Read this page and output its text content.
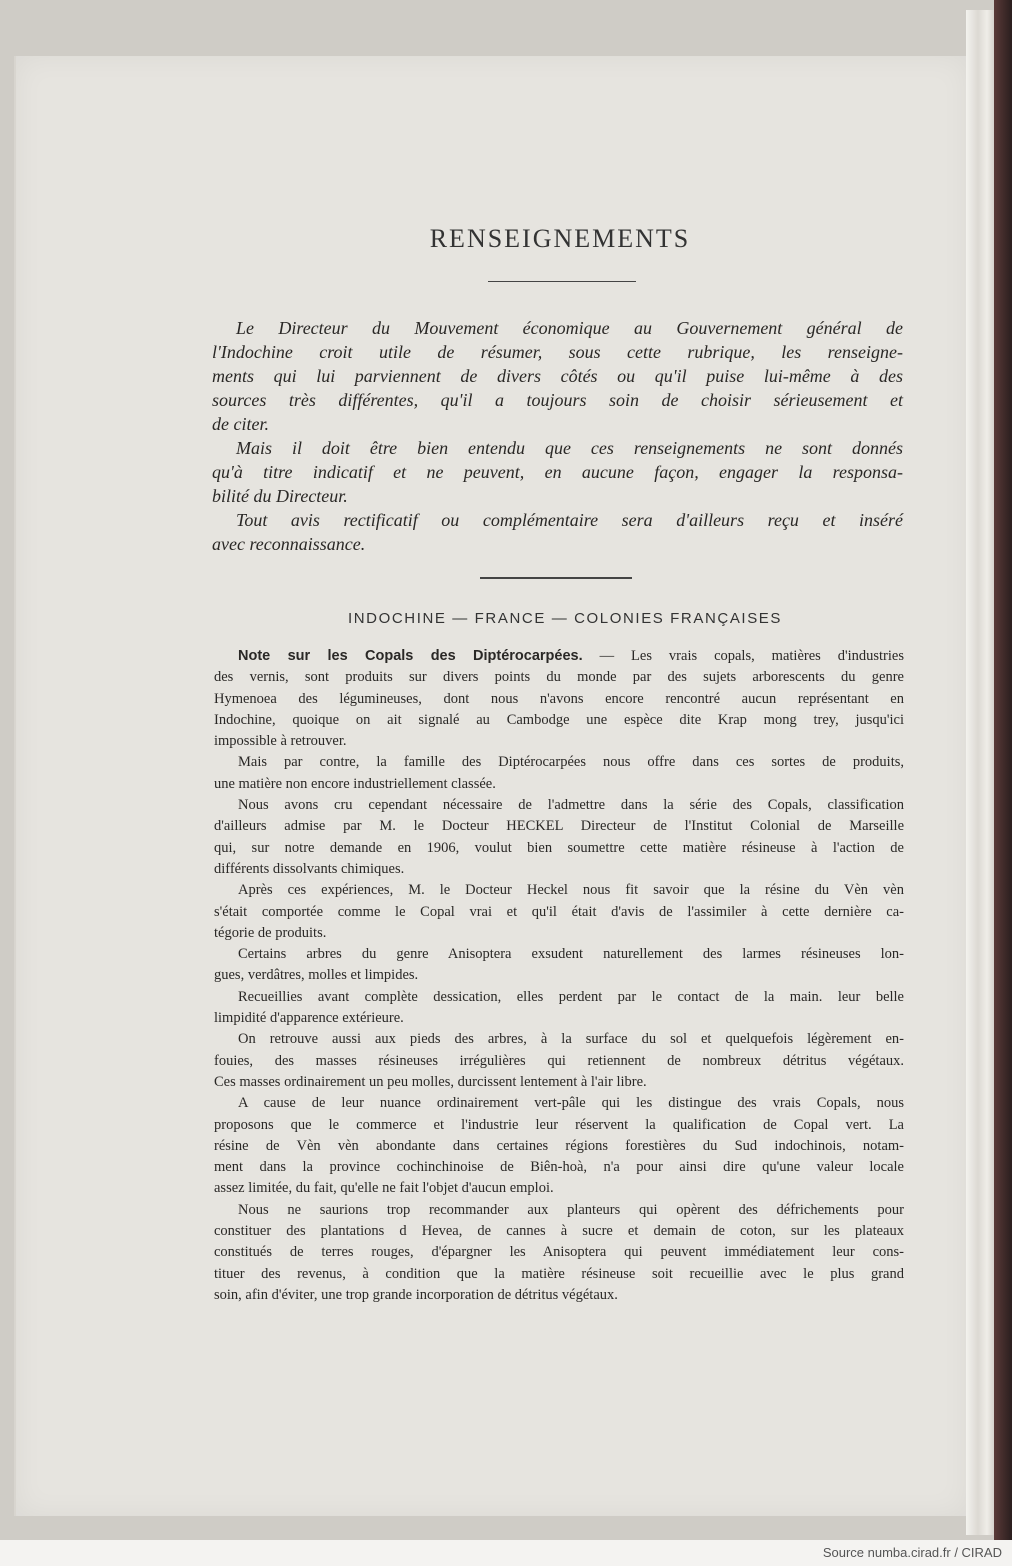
RENSEIGNEMENTS
Le Directeur du Mouvement économique au Gouvernement général de
l'Indochine croit utile de résumer, sous cette rubrique, les renseigne-
ments qui lui parviennent de divers côtés ou qu'il puise lui-même à des
sources très différentes, qu'il a toujours soin de choisir sérieusement et
de citer.
Mais il doit être bien entendu que ces renseignements ne sont donnés
qu'à titre indicatif et ne peuvent, en aucune façon, engager la responsa-
bilité du Directeur.
Tout avis rectificatif ou complémentaire sera d'ailleurs reçu et inséré
avec reconnaissance.
INDOCHINE — FRANCE — COLONIES FRANÇAISES
Note sur les Copals des Diptérocarpées. — Les vrais copals, matières d'industries
des vernis, sont produits sur divers points du monde par des sujets arborescents du genre
Hymenoea des légumineuses, dont nous n'avons encore rencontré aucun représentant en
Indochine, quoique on ait signalé au Cambodge une espèce dite Krap mong trey, jusqu'ici
impossible à retrouver.
Mais par contre, la famille des Diptérocarpées nous offre dans ces sortes de produits,
une matière non encore industriellement classée.
Nous avons cru cependant nécessaire de l'admettre dans la série des Copals, classification
d'ailleurs admise par M. le Docteur HECKEL Directeur de l'Institut Colonial de Marseille
qui, sur notre demande en 1906, voulut bien soumettre cette matière résineuse à l'action de
différents dissolvants chimiques.
Après ces expériences, M. le Docteur Heckel nous fit savoir que la résine du Vèn vèn
s'était comportée comme le Copal vrai et qu'il était d'avis de l'assimiler à cette dernière ca-
tégorie de produits.
Certains arbres du genre Anisoptera exsudent naturellement des larmes résineuses lon-
gues, verdâtres, molles et limpides.
Recueillies avant complète dessication, elles perdent par le contact de la main. leur belle
limpidité d'apparence extérieure.
On retrouve aussi aux pieds des arbres, à la surface du sol et quelquefois légèrement en-
fouies, des masses résineuses irrégulières qui retiennent de nombreux détritus végétaux.
Ces masses ordinairement un peu molles, durcissent lentement à l'air libre.
A cause de leur nuance ordinairement vert-pâle qui les distingue des vrais Copals, nous
proposons que le commerce et l'industrie leur réservent la qualification de Copal vert. La
résine de Vèn vèn abondante dans certaines régions forestières du Sud indochinois, notam-
ment dans la province cochinchinoise de Biên-hoà, n'a pour ainsi dire qu'une valeur locale
assez limitée, du fait, qu'elle ne fait l'objet d'aucun emploi.
Nous ne saurions trop recommander aux planteurs qui opèrent des défrichements pour
constituer des plantations d Hevea, de cannes à sucre et demain de coton, sur les plateaux
constitués de terres rouges, d'épargner les Anisoptera qui peuvent immédiatement leur cons-
tituer des revenus, à condition que la matière résineuse soit recueillie avec le plus grand
soin, afin d'éviter, une trop grande incorporation de détritus végétaux.
Source numba.cirad.fr / CIRAD
